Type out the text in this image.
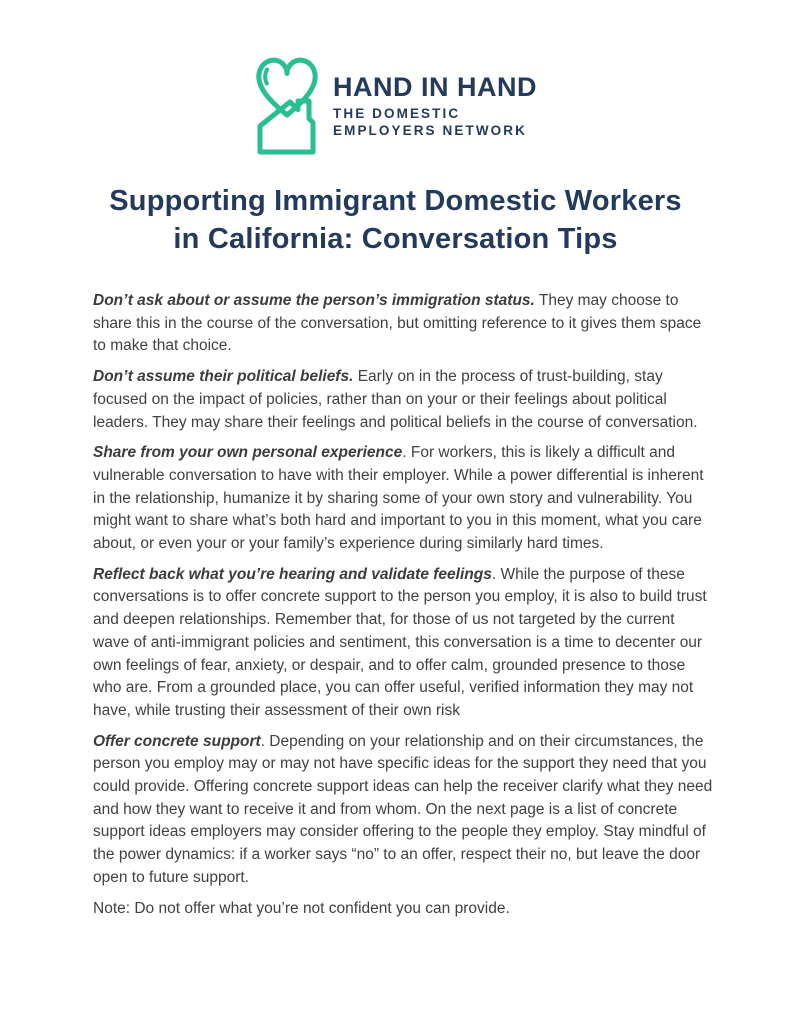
HAND IN HAND
THE DOMESTIC
EMPLOYERS NETWORK
Supporting Immigrant Domestic Workers
in California: Conversation Tips

Don’t ask about or assume the person’s immigration status. They may choose to share this in the course of the conversation, but omitting reference to it gives them space to make that choice.

Don’t assume their political beliefs. Early on in the process of trust-building, stay focused on the impact of policies, rather than on your or their feelings about political leaders. They may share their feelings and political beliefs in the course of conversation.

Share from your own personal experience. For workers, this is likely a difficult and vulnerable conversation to have with their employer. While a power differential is inherent in the relationship, humanize it by sharing some of your own story and vulnerability. You might want to share what’s both hard and important to you in this moment, what you care about, or even your or your family’s experience during similarly hard times.

Reflect back what you’re hearing and validate feelings. While the purpose of these conversations is to offer concrete support to the person you employ, it is also to build trust and deepen relationships. Remember that, for those of us not targeted by the current wave of anti-immigrant policies and sentiment, this conversation is a time to decenter our own feelings of fear, anxiety, or despair, and to offer calm, grounded presence to those who are. From a grounded place, you can offer useful, verified information they may not have, while trusting their assessment of their own risk

Offer concrete support. Depending on your relationship and on their circumstances, the person you employ may or may not have specific ideas for the support they need that you could provide. Offering concrete support ideas can help the receiver clarify what they need and how they want to receive it and from whom. On the next page is a list of concrete support ideas employers may consider offering to the people they employ. Stay mindful of the power dynamics: if a worker says “no” to an offer, respect their no, but leave the door open to future support.

Note: Do not offer what you’re not confident you can provide.
